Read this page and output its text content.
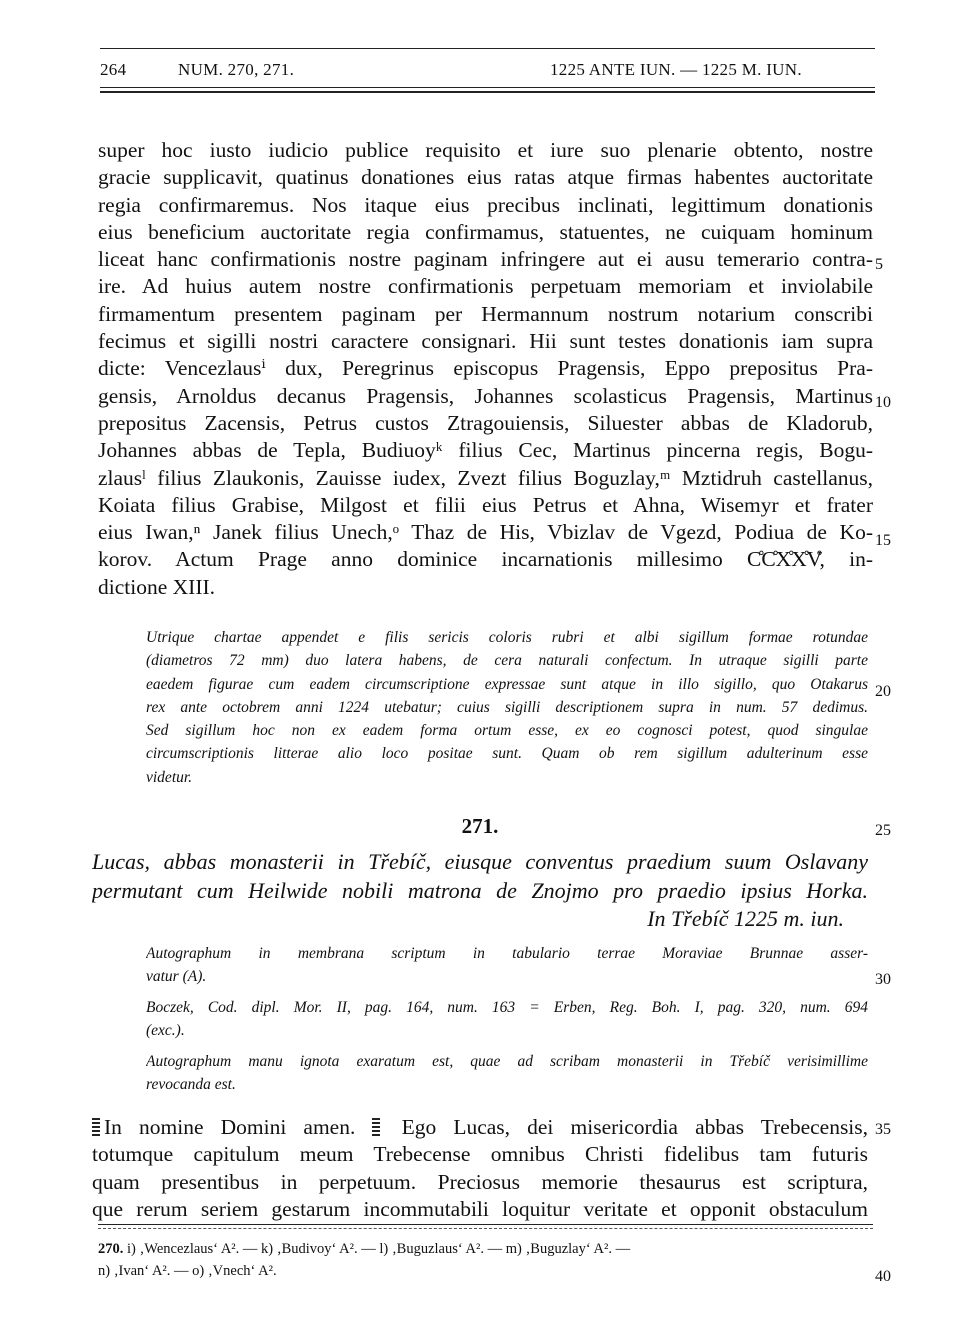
264	NUM. 270, 271.	1225 ANTE IUN. — 1225 M. IUN.
super hoc iusto iudicio publice requisito et iure suo plenarie obtento, nostre
gracie supplicavit, quatinus donationes eius ratas atque firmas habentes auctoritate
regia confirmaremus. Nos itaque eius precibus inclinati, legittimum donationis
eius beneficium auctoritate regia confirmamus, statuentes, ne cuiquam hominum
liceat hanc confirmationis nostre paginam infringere aut ei ausu temerario contra-
ire. Ad huius autem nostre confirmationis perpetuam memoriam et inviolabile
firmamentum presentem paginam per Hermannum nostrum notarium conscribi
fecimus et sigilli nostri caractere consignari. Hii sunt testes donationis iam supra
dicte: Vencezlausⁱ dux, Peregrinus episcopus Pragensis, Eppo prepositus Pra-
gensis, Arnoldus decanus Pragensis, Johannes scolasticus Pragensis, Martinus
prepositus Zacensis, Petrus custos Ztragouiensis, Siluester abbas de Kladorub,
Johannes abbas de Tepla, Budiuoyᵏ filius Cec, Martinus pincerna regis, Bogu-
zlausˡ filius Zlaukonis, Zauisse iudex, Zvezt filius Boguzlay,ᵐ Mztidruh castellanus,
Koiata filius Grabise, Milgost et filii eius Petrus et Ahna, Wisemyr et frater
eius Iwan,ⁿ Janek filius Unech,ᵒ Thaz de His, Vbizlav de Vgezd, Podiua de Ko-
korov. Actum Prage anno dominice incarnationis millesimo C̊C̊X̊X̊V̊, in-
dictione XIII.
Utrique chartae appendet e filis sericis coloris rubri et albi sigillum formae rotundae
(diametros 72 mm) duo latera habens, de cera naturali confectum. In utraque sigilli parte
eaedem figurae cum eadem circumscriptione expressae sunt atque in illo sigillo, quo Otakarus
rex ante octobrem anni 1224 utebatur; cuius sigilli descriptionem supra in num. 57 dedimus.
Sed sigillum hoc non ex eadem forma ortum esse, ex eo cognosci potest, quod singulae
circumscriptionis litterae alio loco positae sunt. Quam ob rem sigillum adulterinum esse
videtur.
271.
Lucas, abbas monasterii in Třebíč, eiusque conventus praedium suum Oslavany
permutant cum Heilwide nobili matrona de Znojmo pro praedio ipsius Horka.
In Třebíč 1225 m. iun.
Autographum in membrana scriptum in tabulario terrae Moraviae Brunnae asser-
vatur (A).
Boczek, Cod. dipl. Mor. II, pag. 164, num. 163 = Erben, Reg. Boh. I, pag. 320, num. 694
(exc.).
Autographum manu ignota exaratum est, quae ad scribam monasterii in Třebíč verisimillime
revocanda est.
In nomine Domini amen. Ego Lucas, dei misericordia abbas Trebecensis,
totumque capitulum meum Trebecense omnibus Christi fidelibus tam futuris
quam presentibus in perpetuum. Preciosus memorie thesaurus est scriptura,
que rerum seriem gestarum incommutabili loquitur veritate et opponit obstaculum
5
10
15
20
25
30
35
40
270. i) ‚Wencezlaus‘ A². — k) ‚Budivoy‘ A². — l) ‚Buguzlaus‘ A². — m) ‚Buguzlay‘ A². —
n) ‚Ivan‘ A². — o) ‚Vnech‘ A².
